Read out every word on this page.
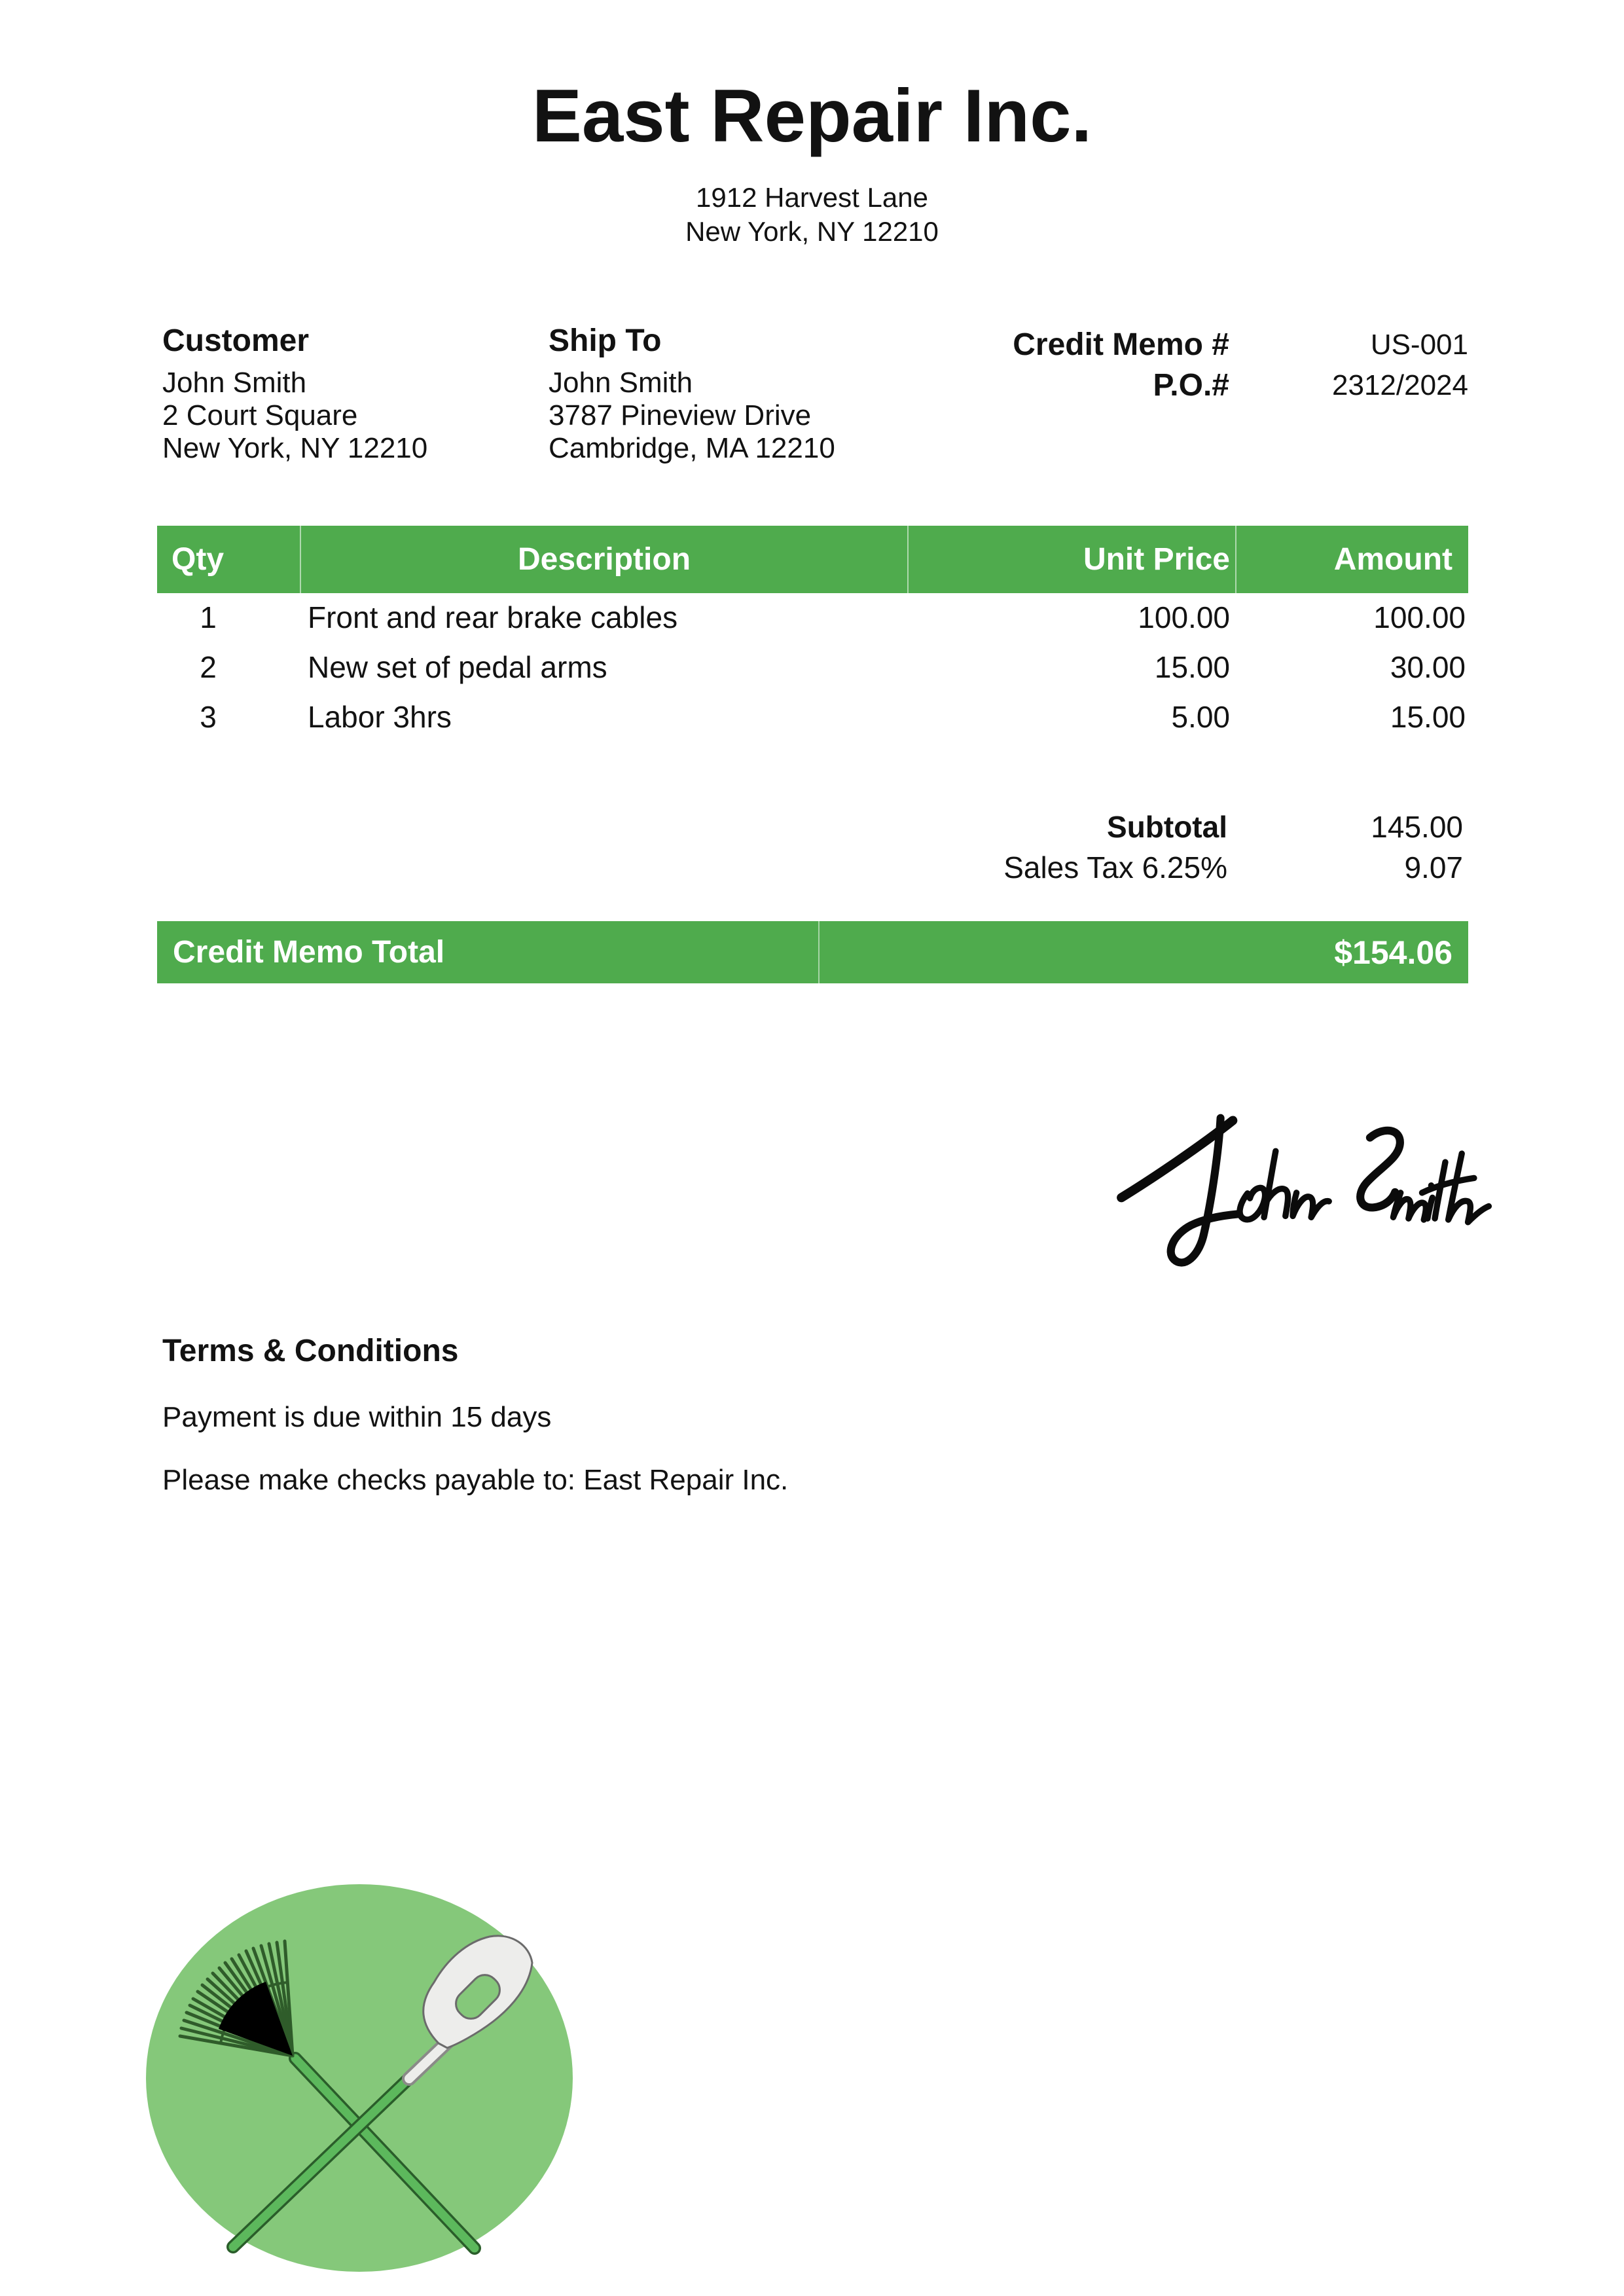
East Repair Inc.
1912 Harvest Lane
New York, NY 12210
Customer
John Smith
2 Court Square
New York, NY 12210
Ship To
John Smith
3787 Pineview Drive
Cambridge, MA 12210
Credit Memo #	US-001
P.O.#	2312/2024
Qty	Description	Unit Price	Amount
1	Front and rear brake cables	100.00	100.00
2	New set of pedal arms	15.00	30.00
3	Labor 3hrs	5.00	15.00
Subtotal	145.00
Sales Tax 6.25%	9.07
Credit Memo Total	$154.06

Terms & Conditions

Payment is due within 15 days

Please make checks payable to: East Repair Inc.
